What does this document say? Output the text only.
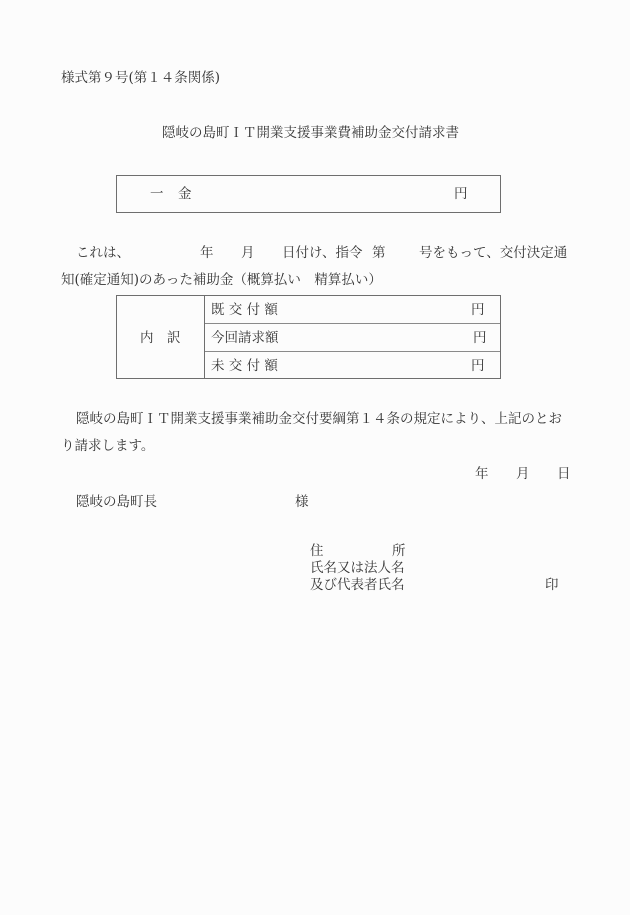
様式第９号(第１４条関係)
隠岐の島町ＩＴ開業支援事業費補助金交付請求書
一 金	円
これは、	年 月 日付け、指令 第 号をもって、交付決定通
知(確定通知)のあった補助金（概算払い　精算払い）
内　訳
既 交 付 額	円
今回請求額	円
未 交 付 額	円
隠岐の島町ＩＴ開業支援事業補助金交付要綱第１４条の規定により、上記のとお
り請求します。
年 月 日
隠岐の島町長	様
住	所
氏名又は法人名
及び代表者氏名	印
